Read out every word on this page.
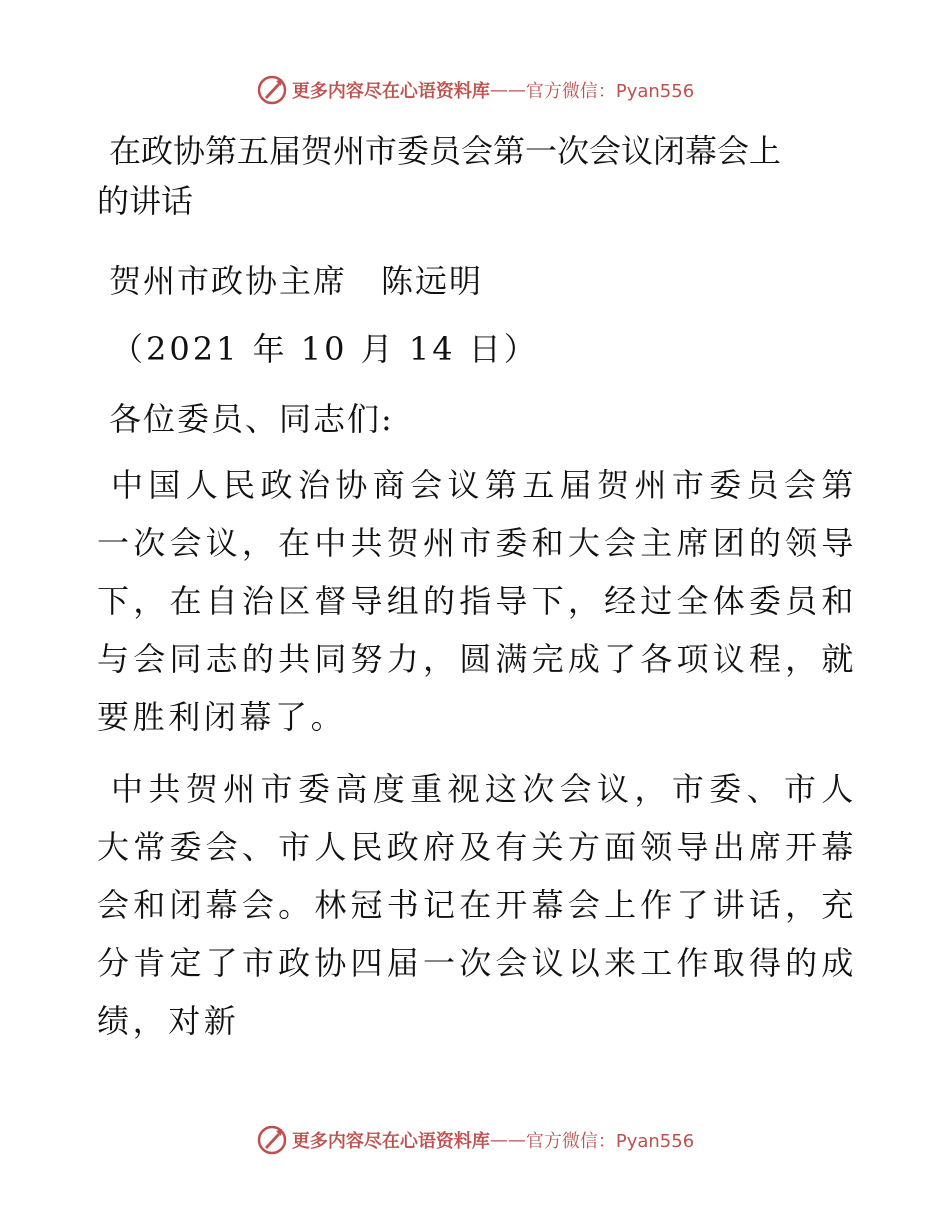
更多内容尽在心语资料库 —— 官方微信：Pyan556
在政协第五届贺州市委员会第一次会议闭幕会上
的讲话

贺州市政协主席　陈远明

（2021 年 10 月 14 日）

各位委员、同志们:

中国人民政治协商会议第五届贺州市委员会第一次会议，在中共贺州市委和大会主席团的领导下，在自治区督导组的指导下，经过全体委员和与会同志的共同努力，圆满完成了各项议程，就要胜利闭幕了。

中共贺州市委高度重视这次会议，市委、市人大常委会、市人民政府及有关方面领导出席开幕会和闭幕会。林冠书记在开幕会上作了讲话，充分肯定了市政协四届一次会议以来工作取得的成绩，对新

更多内容尽在心语资料库 —— 官方微信：Pyan556
